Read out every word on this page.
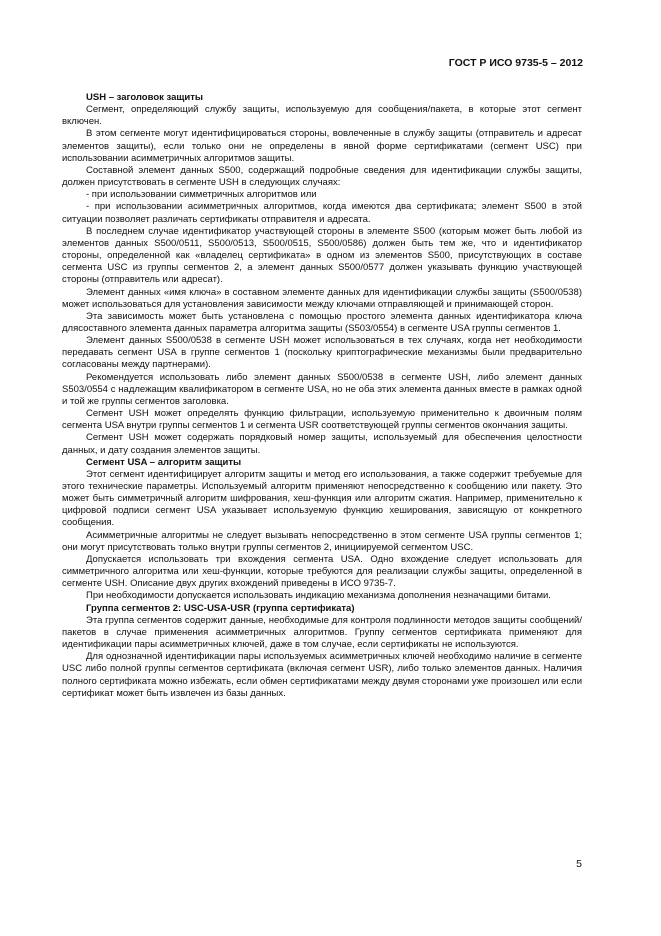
ГОСТ Р ИСО 9735-5 – 2012
USH – заголовок защиты

Сегмент, определяющий службу защиты, используемую для сообщения/пакета, в которые этот сегмент включен.

В этом сегменте могут идентифицироваться стороны, вовлеченные в службу защиты (отправитель и адресат элементов защиты), если только они не определены в явной форме сертификатами (сегмент USC) при использовании асимметричных алгоритмов защиты.

Составной элемент данных S500, содержащий подробные сведения для идентификации службы защиты, должен присутствовать в сегменте USH в следующих случаях:

- при использовании симметричных алгоритмов или

- при использовании асимметричных алгоритмов, когда имеются два сертификата; элемент S500 в этой ситуации позволяет различать сертификаты отправителя и адресата.

В последнем случае идентификатор участвующей стороны в элементе S500 (которым может быть любой из элементов данных S500/0511, S500/0513, S500/0515, S500/0586) должен быть тем же, что и идентификатор стороны, определенной как «владелец сертификата» в одном из элементов S500, присутствующих в составе сегмента USC из группы сегментов 2, а элемент данных S500/0577 должен указывать функцию участвующей стороны (отправитель или адресат).

Элемент данных «имя ключа» в составном элементе данных для идентификации службы защиты (S500/0538) может использоваться для установления зависимости между ключами отправляющей и принимающей сторон.

Эта зависимость может быть установлена с помощью простого элемента данных идентификатора ключа длясоставного элемента данных параметра алгоритма защиты (S503/0554) в сегменте USA группы сегментов 1.

Элемент данных S500/0538 в сегменте USH может использоваться в тех случаях, когда нет необходимости передавать сегмент USA в группе сегментов 1 (поскольку криптографические механизмы были предварительно согласованы между партнерами).

Рекомендуется использовать либо элемент данных S500/0538 в сегменте USH, либо элемент данных S503/0554 с надлежащим квалификатором в сегменте USA, но не оба этих элемента данных вместе в рамках одной и той же группы сегментов заголовка.

Сегмент USH может определять функцию фильтрации, используемую применительно к двоичным полям сегмента USA внутри группы сегментов 1 и сегмента USR соответствующей группы сегментов окончания защиты.

Сегмент USH может содержать порядковый номер защиты, используемый для обеспечения целостности данных, и дату создания элементов защиты.

Сегмент USA – алгоритм защиты

Этот сегмент идентифицирует алгоритм защиты и метод его использования, а также содержит требуемые для этого технические параметры. Используемый алгоритм применяют непосредственно к сообщению или пакету. Это может быть симметричный алгоритм шифрования, хеш-функция или алгоритм сжатия. Например, применительно к цифровой подписи сегмент USA указывает используемую функцию хеширования, зависящую от конкретного сообщения.

Асимметричные алгоритмы не следует вызывать непосредственно в этом сегменте USA группы сегментов 1; они могут присутствовать только внутри группы сегментов 2, инициируемой сегментом USC.

Допускается использовать три вхождения сегмента USA. Одно вхождение следует использовать для симметричного алгоритма или хеш-функции, которые требуются для реализации службы защиты, определенной в сегменте USH. Описание двух других вхождений приведены в ИСО 9735-7.

При необходимости допускается использовать индикацию механизма дополнения незначащими битами.

Группа сегментов 2: USC-USA-USR (группа сертификата)

Эта группа сегментов содержит данные, необходимые для контроля подлинности методов защиты сообщений/пакетов в случае применения асимметричных алгоритмов. Группу сегментов сертификата применяют для идентификации пары асимметричных ключей, даже в том случае, если сертификаты не используются.

Для однозначной идентификации пары используемых асимметричных ключей необходимо наличие в сегменте USC либо полной группы сегментов сертификата (включая сегмент USR), либо только элементов данных. Наличия полного сертификата можно избежать, если обмен сертификатами между двумя сторонами уже произошел или если сертификат может быть извлечен из базы данных.

5
